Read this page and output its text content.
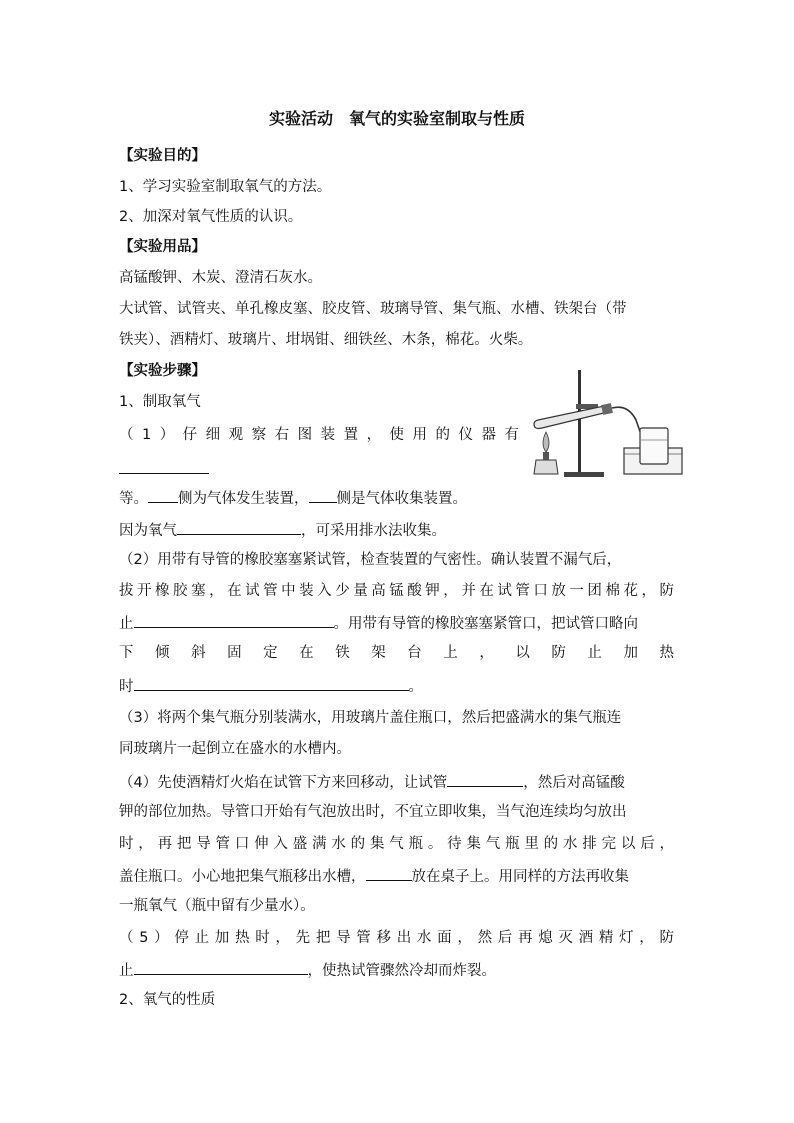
实验活动　氧气的实验室制取与性质
【实验目的】
1、学习实验室制取氧气的方法。
2、加深对氧气性质的认识。
【实验用品】
高锰酸钾、木炭、澄清石灰水。
大试管、试管夹、单孔橡皮塞、胶皮管、玻璃导管、集气瓶、水槽、铁架台（带
铁夹）、酒精灯、玻璃片、坩埚钳、细铁丝、木条，棉花。火柴。
【实验步骤】
1、制取氧气
（1）仔细观察右图装置，使用的仪器有
等。 侧为气体发生装置， 侧是气体收集装置。
因为氧气	，可采用排水法收集。
（2）用带有导管的橡胶塞塞紧试管，检查装置的气密性。确认装置不漏气后，
拔开橡胶塞，在试管中装入少量高锰酸钾，并在试管口放一团棉花，防
止	。用带有导管的橡胶塞塞紧管口，把试管口略向
下 倾 斜 固 定 在 铁 架 台 上 ， 以 防 止 加 热
时	。
（3）将两个集气瓶分别装满水，用玻璃片盖住瓶口，然后把盛满水的集气瓶连
同玻璃片一起倒立在盛水的水槽内。
（4）先使酒精灯火焰在试管下方来回移动，让试管	，然后对高锰酸
钾的部位加热。导管口开始有气泡放出时，不宜立即收集，当气泡连续均匀放出
时，再把导管口伸入盛满水的集气瓶。待集气瓶里的水排完以后，
盖住瓶口。小心地把集气瓶移出水槽，	放在桌子上。用同样的方法再收集
一瓶氧气（瓶中留有少量水）。
（5）停止加热时，先把导管移出水面，然后再熄灭酒精灯，防
止	，使热试管骤然冷却而炸裂。
2、氧气的性质
